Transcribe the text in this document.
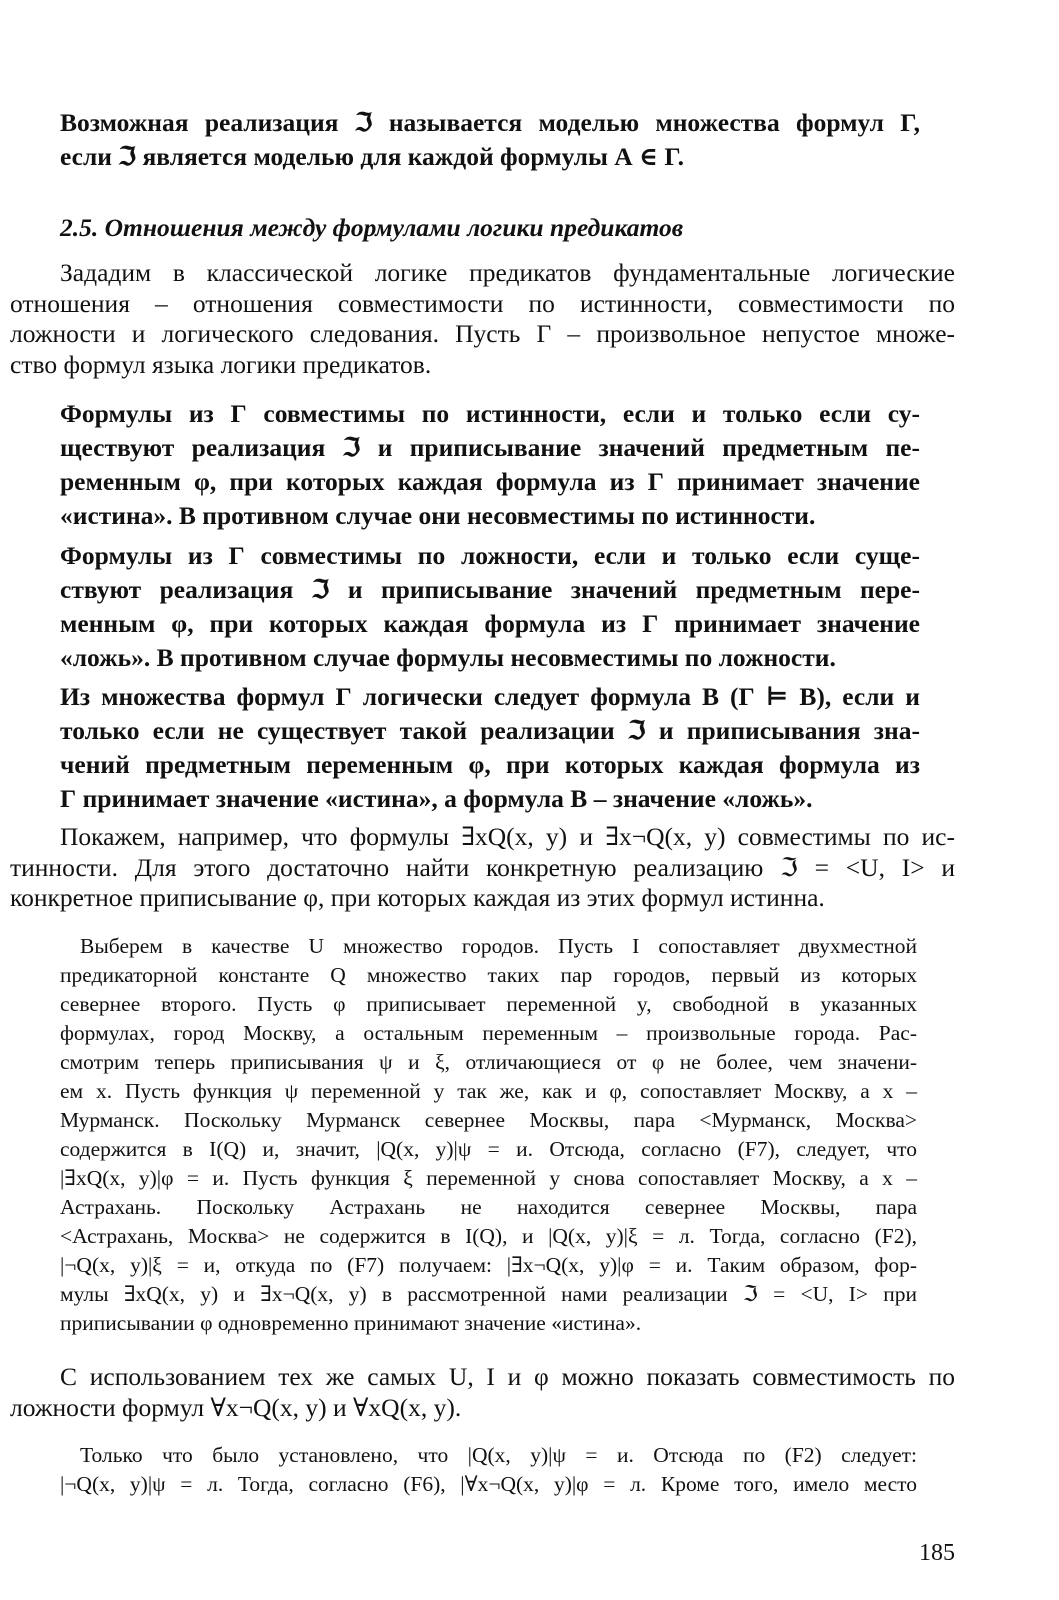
Возможная реализация ℑ называется моделью множества формул Г,
если ℑ является моделью для каждой формулы А ∈ Г.
2.5. Отношения между формулами логики предикатов
Зададим в классической логике предикатов фундаментальные логические
отношения – отношения совместимости по истинности, совместимости по
ложности и логического следования. Пусть Г – произвольное непустое множе-
ство формул языка логики предикатов.
Формулы из Г совместимы по истинности, если и только если су-
ществуют реализация ℑ и приписывание значений предметным пе-
ременным φ, при которых каждая формула из Г принимает значение
«истина». В противном случае они несовместимы по истинности.
Формулы из Г совместимы по ложности, если и только если суще-
ствуют реализация ℑ и приписывание значений предметным пере-
менным φ, при которых каждая формула из Г принимает значение
«ложь». В противном случае формулы несовместимы по ложности.
Из множества формул Г логически следует формула В (Г ⊨ В), если и
только если не существует такой реализации ℑ и приписывания зна-
чений предметным переменным φ, при которых каждая формула из
Г принимает значение «истина», а формула В – значение «ложь».
Покажем, например, что формулы ∃xQ(x, y) и ∃x¬Q(x, y) совместимы по ис-
тинности. Для этого достаточно найти конкретную реализацию ℑ = <U, I> и
конкретное приписывание φ, при которых каждая из этих формул истинна.
Выберем в качестве U множество городов. Пусть I сопоставляет двухместной
предикаторной константе Q множество таких пар городов, первый из которых
севернее второго. Пусть φ приписывает переменной y, свободной в указанных
формулах, город Москву, а остальным переменным – произвольные города. Рас-
смотрим теперь приписывания ψ и ξ, отличающиеся от φ не более, чем значени-
ем x. Пусть функция ψ переменной y так же, как и φ, сопоставляет Москву, а x –
Мурманск. Поскольку Мурманск севернее Москвы, пара <Мурманск, Москва>
содержится в I(Q) и, значит, |Q(x, y)|ψ = и. Отсюда, согласно (F7), следует, что
|∃xQ(x, y)|φ = и. Пусть функция ξ переменной y снова сопоставляет Москву, а x –
Астрахань. Поскольку Астрахань не находится севернее Москвы, пара
<Астрахань, Москва> не содержится в I(Q), и |Q(x, y)|ξ = л. Тогда, согласно (F2),
|¬Q(x, y)|ξ = и, откуда по (F7) получаем: |∃x¬Q(x, y)|φ = и. Таким образом, фор-
мулы ∃xQ(x, y) и ∃x¬Q(x, y) в рассмотренной нами реализации ℑ = <U, I> при
приписывании φ одновременно принимают значение «истина».
С использованием тех же самых U, I и φ можно показать совместимость по
ложности формул ∀x¬Q(x, y) и ∀xQ(x, y).
Только что было установлено, что |Q(x, y)|ψ = и. Отсюда по (F2) следует:
|¬Q(x, y)|ψ = л. Тогда, согласно (F6), |∀x¬Q(x, y)|φ = л. Кроме того, имело место
185
